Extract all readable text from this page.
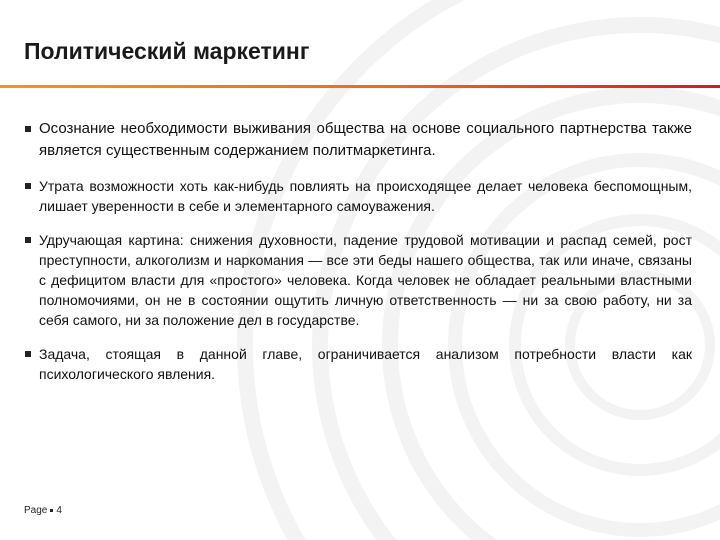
Политический маркетинг
Осознание необходимости выживания общества на основе социального партнерства также является существенным содержанием политмаркетинга.
Утрата возможности хоть как-нибудь повлиять на происходящее делает человека беспомощным, лишает уверенности в себе и элементарного самоуважения.
Удручающая картина: снижения духовности, падение трудовой мотивации и распад семей, рост преступности, алкоголизм и наркомания — все эти беды нашего общества, так или иначе, связаны с дефицитом власти для «простого» человека. Когда человек не обладает реальными властными полномочиями, он не в состоянии ощутить личную ответственность — ни за свою работу, ни за себя самого, ни за положение дел в государстве.
Задача, стоящая в данной главе, ограничивается анализом потребности власти как психологического явления.
Page 4
